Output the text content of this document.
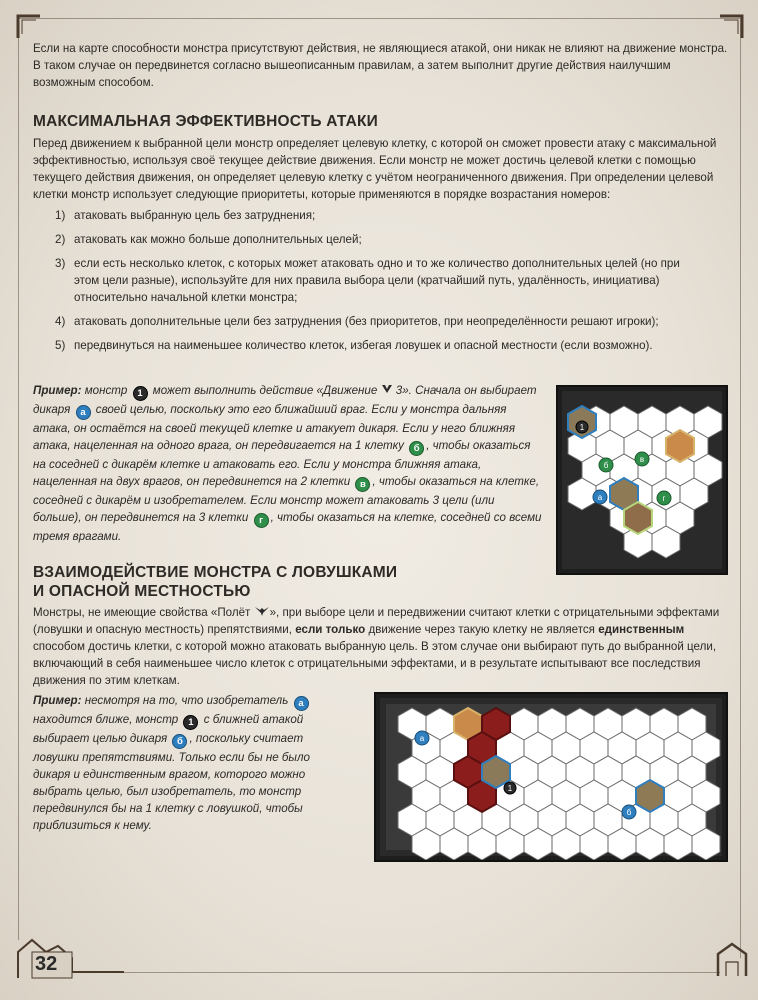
Если на карте способности монстра присутствуют действия, не являющиеся атакой, они никак не влияют на движение монстра. В таком случае он передвинется согласно вышеописанным правилам, а затем выполнит другие действия наилучшим возможным способом.

МАКСИМАЛЬНАЯ ЭФФЕКТИВНОСТЬ АТАКИ

Перед движением к выбранной цели монстр определяет целевую клетку, с которой он сможет провести атаку с максимальной эффективностью, используя своё текущее действие движения. Если монстр не может достичь целевой клетки с помощью текущего действия движения, он определяет целевую клетку с учётом неограниченного движения. При определении целевой клетки монстр использует следующие приоритеты, которые применяются в порядке возрастания номеров:

1) атаковать выбранную цель без затруднения;
2) атаковать как можно больше дополнительных целей;
3) если есть несколько клеток, с которых может атаковать одно и то же количество дополнительных целей (но при этом цели разные), используйте для них правила выбора цели (кратчайший путь, удалённость, инициатива) относительно начальной клетки монстра;
4) атаковать дополнительные цели без затруднения (без приоритетов, при неопределённости решают игроки);
5) передвинуться на наименьшее количество клеток, избегая ловушек и опасной местности (если возможно).

Пример: монстр 1 может выполнить действие «Движение 3». Сначала он выбирает дикаря а своей целью, поскольку это его ближайший враг. Если у монстра дальняя атака, он остаётся на своей текущей клетке и атакует дикаря. Если у него ближняя атака, нацеленная на одного врага, он передвигается на 1 клетку б , чтобы оказаться на соседней с дикарём клетке и атаковать его. Если у монстра ближняя атака, нацеленная на двух врагов, он передвинется на 2 клетки в , чтобы оказаться на клетке, соседней с дикарём и изобретателем. Если монстр может атаковать 3 цели (или больше), он передвинется на 3 клетки г , чтобы оказаться на клетке, соседней со всеми тремя врагами.

1
б
в
а	г
ВЗАИМОДЕЙСТВИЕ МОНСТРА С ЛОВУШКАМИ
И ОПАСНОЙ МЕСТНОСТЬЮ

Монстры, не имеющие свойства «Полёт », при выборе цели и передвижении считают клетки с отрицательными эффектами (ловушки и опасную местность) препятствиями, если только движение через такую клетку не является единственным способом достичь клетки, с которой можно атаковать выбранную цель. В этом случае они выбирают путь до выбранной цели, включающий в себя наименьшее число клеток с отрицательными эффектами, и в результате испытывают все последствия движения по этим клеткам.

Пример: несмотря на то, что изобретатель а находится ближе, монстр 1 с ближней атакой выбирает целью дикаря б , поскольку считает ловушки препятствиями. Только если бы не было дикаря и единственным врагом, которого можно выбрать целью, был изобретатель, то монстр передвинулся бы на 1 клетку с ловушкой, чтобы приблизиться к нему.

а
1
б
32
